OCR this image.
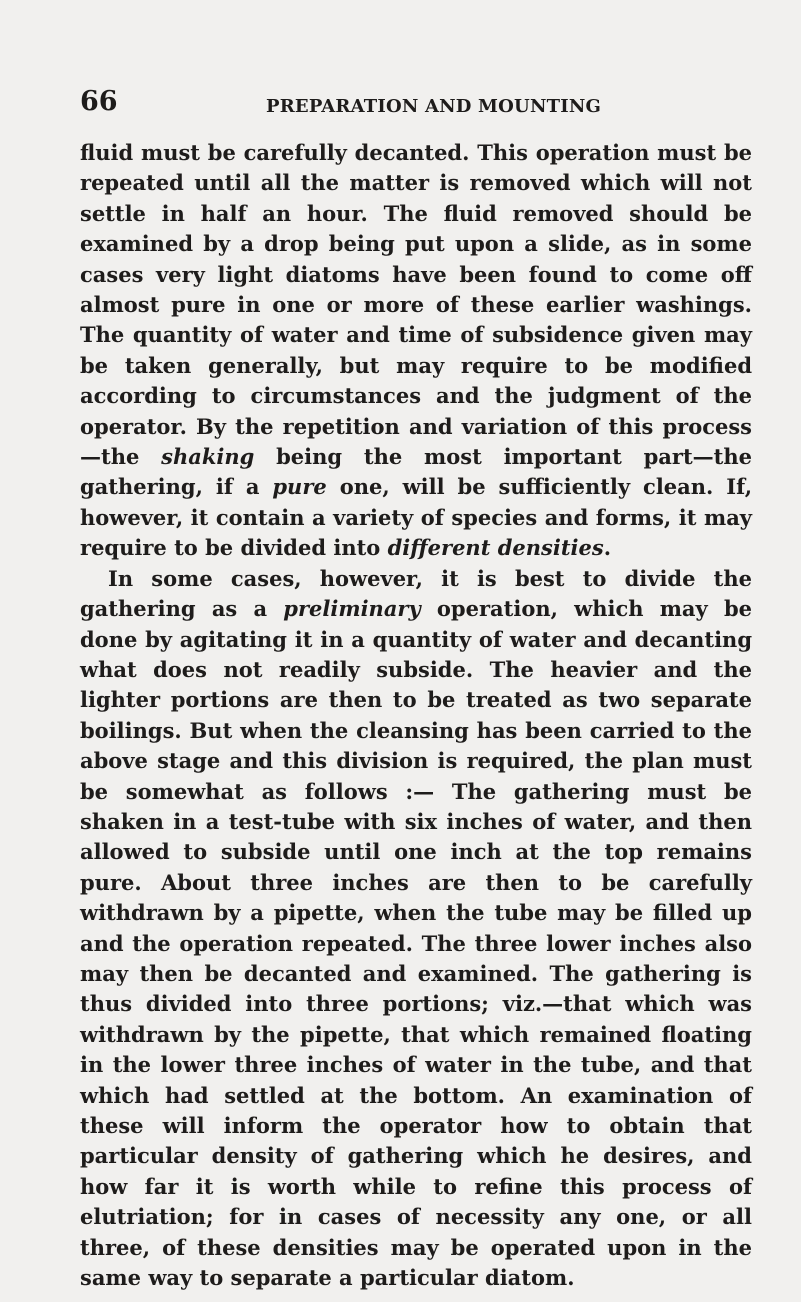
66	PREPARATION AND MOUNTING

fluid must be carefully decanted. This operation must be repeated until all the matter is removed which will not settle in half an hour. The fluid removed should be examined by a drop being put upon a slide, as in some cases very light diatoms have been found to come off almost pure in one or more of these earlier washings. The quantity of water and time of subsidence given may be taken generally, but may require to be modified according to circumstances and the judgment of the operator. By the repetition and variation of this process—the shaking being the most important part—the gathering, if a pure one, will be sufficiently clean. If, however, it contain a variety of species and forms, it may require to be divided into different densities.

In some cases, however, it is best to divide the gathering as a preliminary operation, which may be done by agitating it in a quantity of water and decanting what does not readily subside. The heavier and the lighter portions are then to be treated as two separate boilings. But when the cleansing has been carried to the above stage and this division is required, the plan must be somewhat as follows :— The gathering must be shaken in a test-tube with six inches of water, and then allowed to subside until one inch at the top remains pure. About three inches are then to be carefully withdrawn by a pipette, when the tube may be filled up and the operation repeated. The three lower inches also may then be decanted and examined. The gathering is thus divided into three portions; viz.—that which was withdrawn by the pipette, that which remained floating in the lower three inches of water in the tube, and that which had settled at the bottom. An examination of these will inform the operator how to obtain that particular density of gathering which he desires, and how far it is worth while to refine this process of elutriation; for in cases of necessity any one, or all three, of these densities may be operated upon in the same way to separate a particular diatom.
